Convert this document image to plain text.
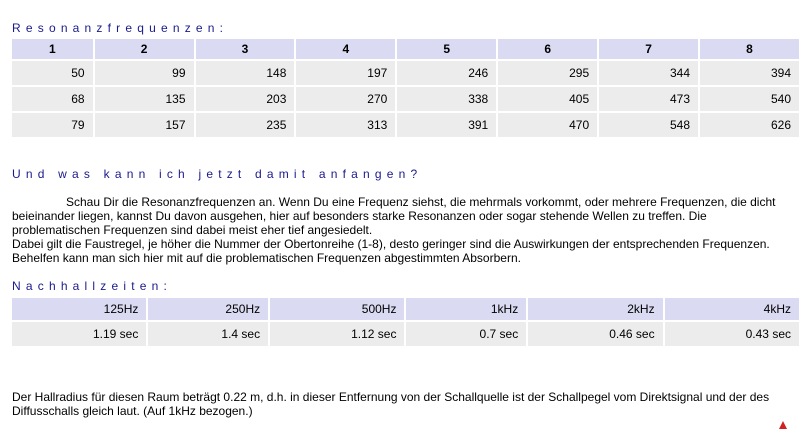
Resonanzfrequenzen:
1	2	3	4	5	6	7	8
50	99	148	197	246	295	344	394
68	135	203	270	338	405	473	540
79	157	235	313	391	470	548	626
Und was kann ich jetzt damit anfangen?
Schau Dir die Resonanzfrequenzen an. Wenn Du eine Frequenz siehst, die mehrmals vorkommt, oder mehrere Frequenzen, die dicht beieinander liegen, kannst Du davon ausgehen, hier auf besonders starke Resonanzen oder sogar stehende Wellen zu treffen. Die problematischen Frequenzen sind dabei meist eher tief angesiedelt.
Dabei gilt die Faustregel, je höher die Nummer der Obertonreihe (1-8), desto geringer sind die Auswirkungen der entsprechenden Frequenzen.
Behelfen kann man sich hier mit auf die problematischen Frequenzen abgestimmten Absorbern.
Nachhallzeiten:
125Hz	250Hz	500Hz	1kHz	2kHz	4kHz
1.19 sec	1.4 sec	1.12 sec	0.7 sec	0.46 sec	0.43 sec
Der Hallradius für diesen Raum beträgt 0.22 m, d.h. in dieser Entfernung von der Schallquelle ist der Schallpegel vom Direktsignal und der des Diffusschalls gleich laut. (Auf 1kHz bezogen.)
